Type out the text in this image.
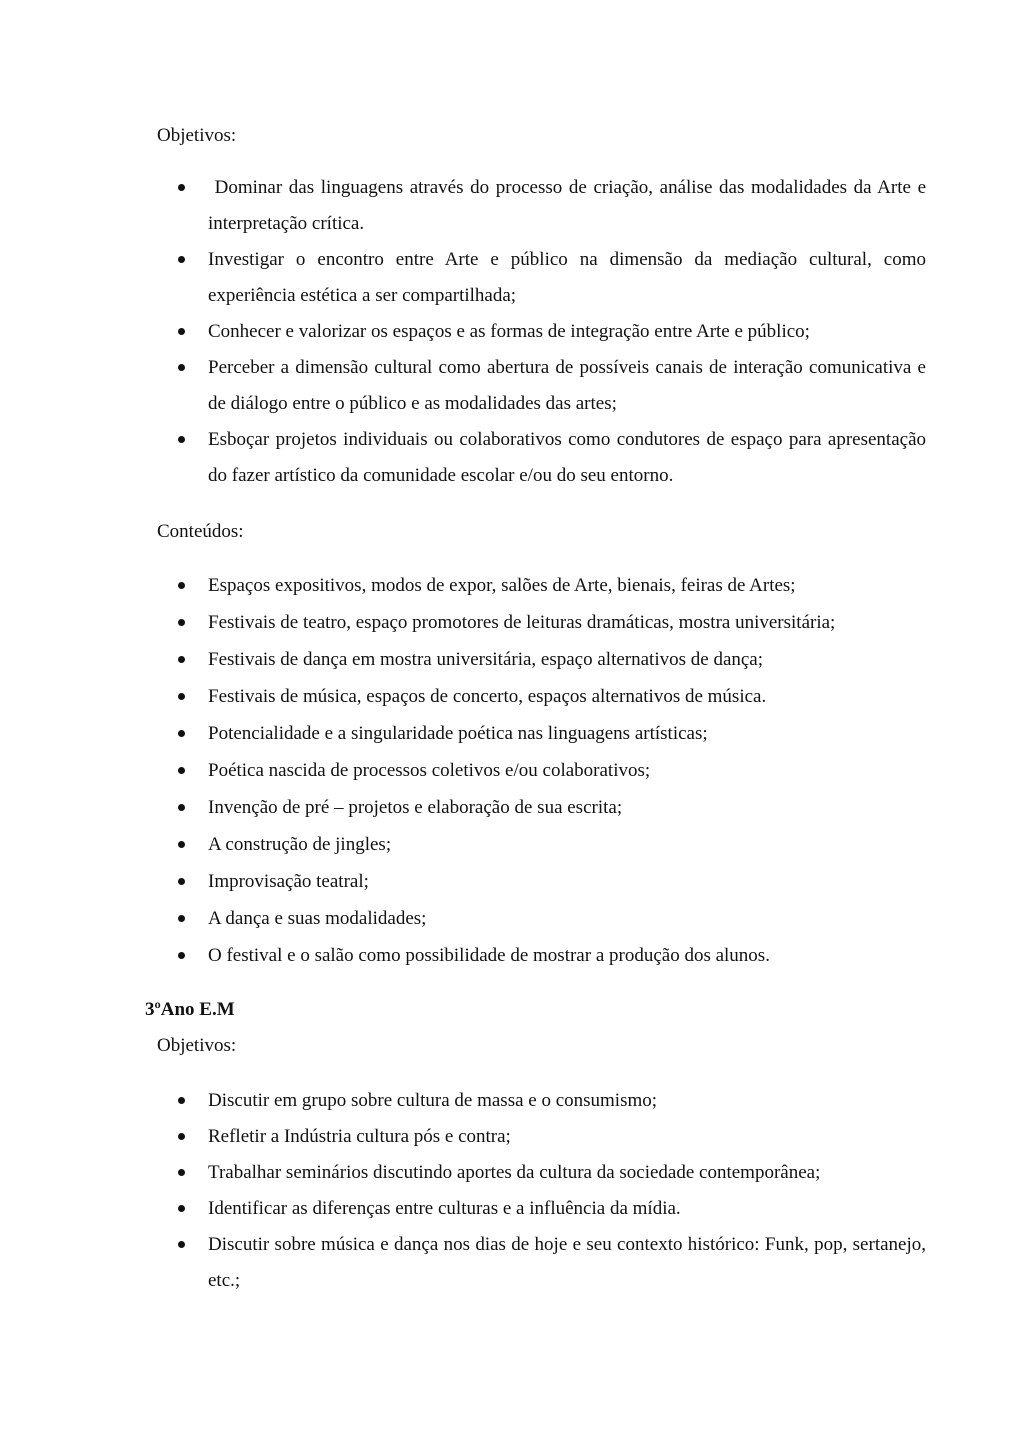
Objetivos:
Dominar das linguagens através do processo de criação, análise das modalidades da Arte e interpretação crítica.
Investigar o encontro entre Arte e público na dimensão da mediação cultural, como experiência estética a ser compartilhada;
Conhecer e valorizar os espaços e as formas de integração entre Arte e público;
Perceber a dimensão cultural como abertura de possíveis canais de interação comunicativa e de diálogo entre o público e as modalidades das artes;
Esboçar projetos individuais ou colaborativos como condutores de espaço para apresentação do fazer artístico da comunidade escolar e/ou do seu entorno.
Conteúdos:
Espaços expositivos, modos de expor, salões de Arte, bienais, feiras de Artes;
Festivais de teatro, espaço promotores de leituras dramáticas, mostra universitária;
Festivais de dança em mostra universitária, espaço alternativos de dança;
Festivais de música, espaços de concerto, espaços alternativos de música.
Potencialidade e a singularidade poética nas linguagens artísticas;
Poética nascida de processos coletivos e/ou colaborativos;
Invenção de pré – projetos e elaboração de sua escrita;
A construção de jingles;
Improvisação teatral;
A dança e suas modalidades;
O festival e o salão como possibilidade de mostrar a produção dos alunos.
3ºAno E.M
Objetivos:
Discutir em grupo sobre cultura de massa e o consumismo;
Refletir a Indústria cultura pós e contra;
Trabalhar seminários discutindo aportes da cultura da sociedade contemporânea;
Identificar as diferenças entre culturas e a influência da mídia.
Discutir sobre música e dança nos dias de hoje e seu contexto histórico: Funk, pop, sertanejo, etc.;
